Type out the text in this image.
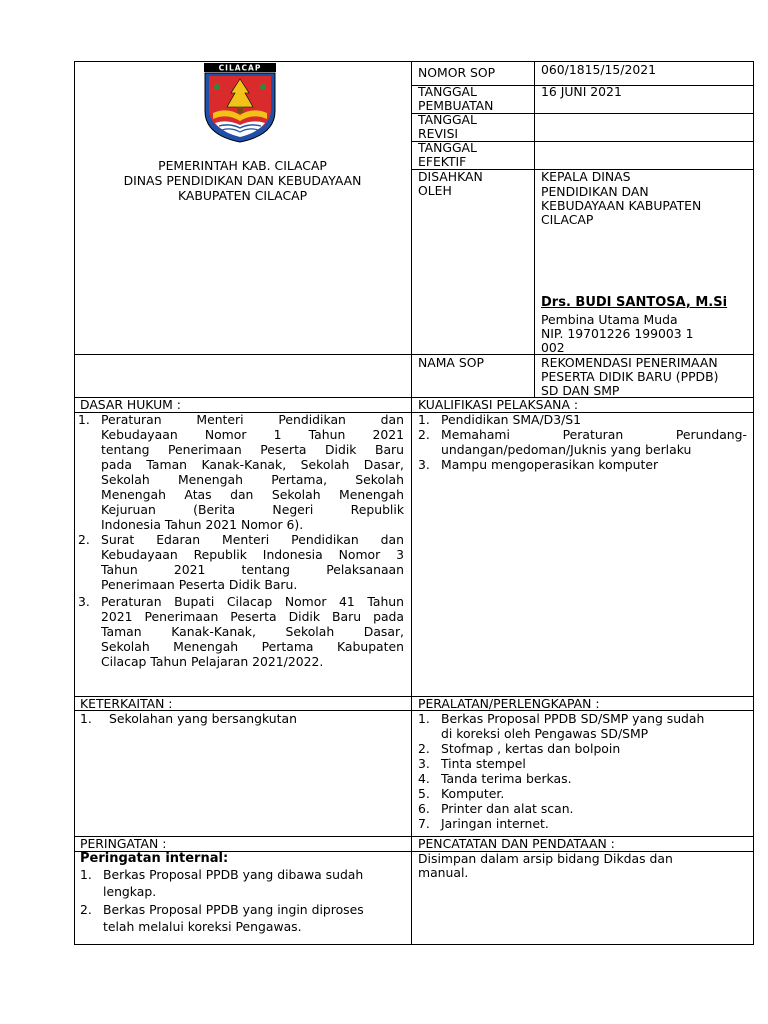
CILACAP
PEMERINTAH KAB. CILACAP
DINAS PENDIDIKAN DAN KEBUDAYAAN
KABUPATEN CILACAP
NOMOR SOP	060/1815/15/2021
TANGGAL
PEMBUATAN
16 JUNI 2021
TANGGAL
REVISI
TANGGAL
EFEKTIF
DISAHKAN
OLEH
KEPALA DINAS
PENDIDIKAN DAN
KEBUDAYAAN KABUPATEN
CILACAP
Drs. BUDI SANTOSA, M.Si
Pembina Utama Muda
NIP. 19701226 199003 1
002
NAMA SOP	REKOMENDASI PENERIMAAN
PESERTA DIDIK BARU (PPDB)
SD DAN SMP
DASAR HUKUM :
1. Peraturan Menteri Pendidikan dan
Kebudayaan Nomor 1 Tahun 2021
tentang Penerimaan Peserta Didik Baru
pada Taman Kanak-Kanak, Sekolah Dasar,
Sekolah Menengah Pertama, Sekolah
Menengah Atas dan Sekolah Menengah
Kejuruan (Berita Negeri Republik
Indonesia Tahun 2021 Nomor 6).
2. Surat Edaran Menteri Pendidikan dan
Kebudayaan Republik Indonesia Nomor 3
Tahun 2021 tentang Pelaksanaan
Penerimaan Peserta Didik Baru.
3. Peraturan Bupati Cilacap Nomor 41 Tahun
2021 Penerimaan Peserta Didik Baru pada
Taman Kanak-Kanak, Sekolah Dasar,
Sekolah Menengah Pertama Kabupaten
Cilacap Tahun Pelajaran 2021/2022.
KUALIFIKASI PELAKSANA :
1. Pendidikan SMA/D3/S1
2. Memahami Peraturan Perundang-
undangan/pedoman/Juknis yang berlaku
3. Mampu mengoperasikan komputer
KETERKAITAN :
1. Sekolahan yang bersangkutan
PERALATAN/PERLENGKAPAN :
1. Berkas Proposal PPDB SD/SMP yang sudah
di koreksi oleh Pengawas SD/SMP
2. Stofmap , kertas dan bolpoin
3. Tinta stempel
4. Tanda terima berkas.
5. Komputer.
6. Printer dan alat scan.
7. Jaringan internet.
PERINGATAN :
Peringatan internal:
1. Berkas Proposal PPDB yang dibawa sudah
lengkap.
2. Berkas Proposal PPDB yang ingin diproses
telah melalui koreksi Pengawas.
PENCATATAN DAN PENDATAAN :
Disimpan dalam arsip bidang Dikdas dan
manual.
